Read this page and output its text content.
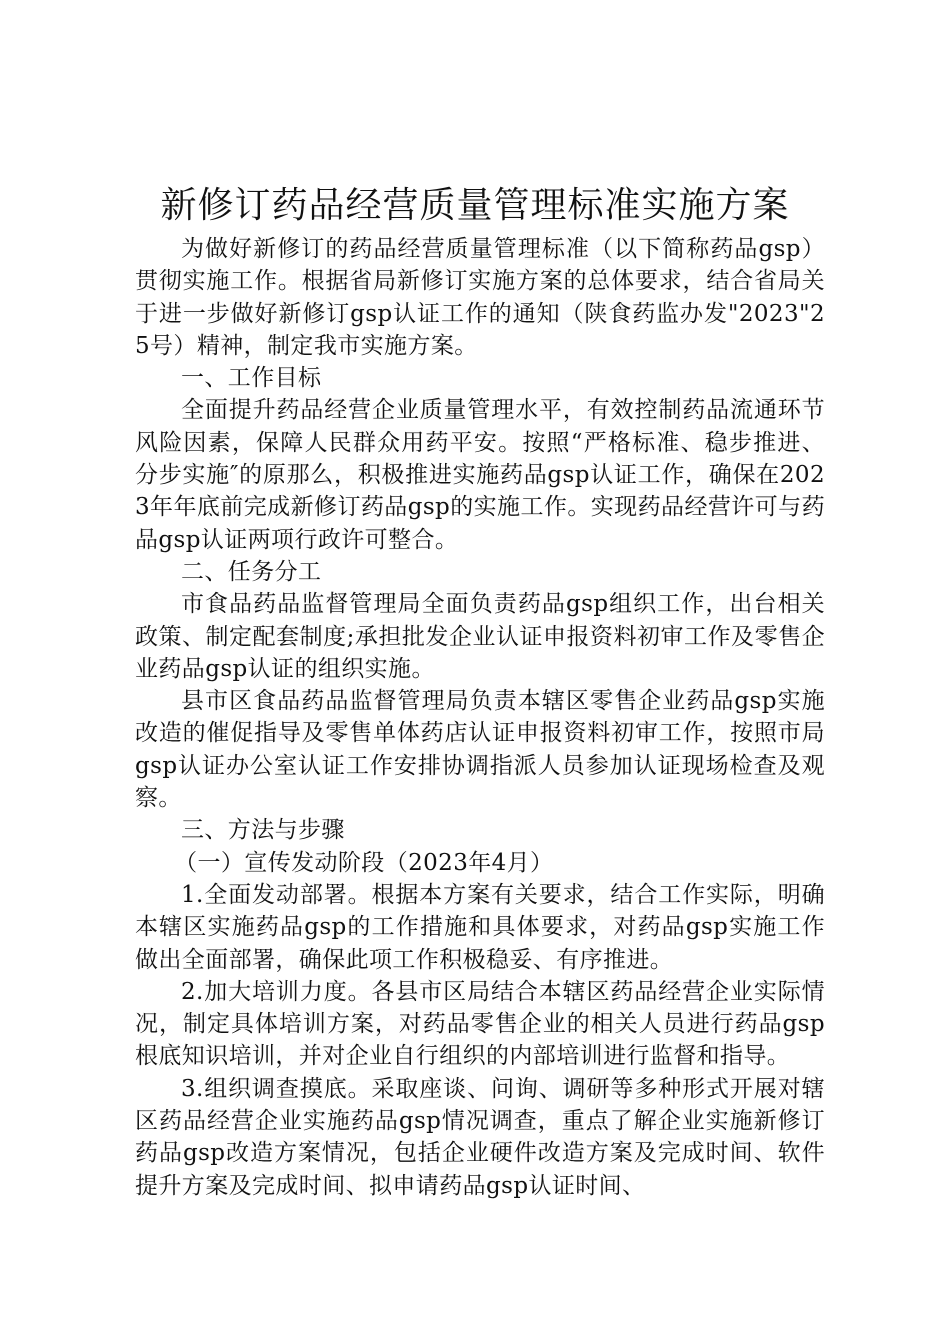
新修订药品经营质量管理标准实施方案

为做好新修订的药品经营质量管理标准（以下简称药品gsp）贯彻实施工作。根据省局新修订实施方案的总体要求，结合省局关于进一步做好新修订gsp认证工作的通知（陕食药监办发"2023"25号）精神，制定我市实施方案。

一、工作目标

全面提升药品经营企业质量管理水平，有效控制药品流通环节风险因素，保障人民群众用药平安。按照“严格标准、稳步推进、分步实施″的原那么，积极推进实施药品gsp认证工作，确保在2023年年底前完成新修订药品gsp的实施工作。实现药品经营许可与药品gsp认证两项行政许可整合。

二、任务分工

市食品药品监督管理局全面负责药品gsp组织工作，出台相关政策、制定配套制度;承担批发企业认证申报资料初审工作及零售企业药品gsp认证的组织实施。

县市区食品药品监督管理局负责本辖区零售企业药品gsp实施改造的催促指导及零售单体药店认证申报资料初审工作，按照市局gsp认证办公室认证工作安排协调指派人员参加认证现场检查及观察。

三、方法与步骤

（一）宣传发动阶段（2023年4月）

1.全面发动部署。根据本方案有关要求，结合工作实际，明确本辖区实施药品gsp的工作措施和具体要求，对药品gsp实施工作做出全面部署，确保此项工作积极稳妥、有序推进。

2.加大培训力度。各县市区局结合本辖区药品经营企业实际情况，制定具体培训方案，对药品零售企业的相关人员进行药品gsp根底知识培训，并对企业自行组织的内部培训进行监督和指导。

3.组织调查摸底。采取座谈、问询、调研等多种形式开展对辖区药品经营企业实施药品gsp情况调查，重点了解企业实施新修订药品gsp改造方案情况，包括企业硬件改造方案及完成时间、软件提升方案及完成时间、拟申请药品gsp认证时间、
